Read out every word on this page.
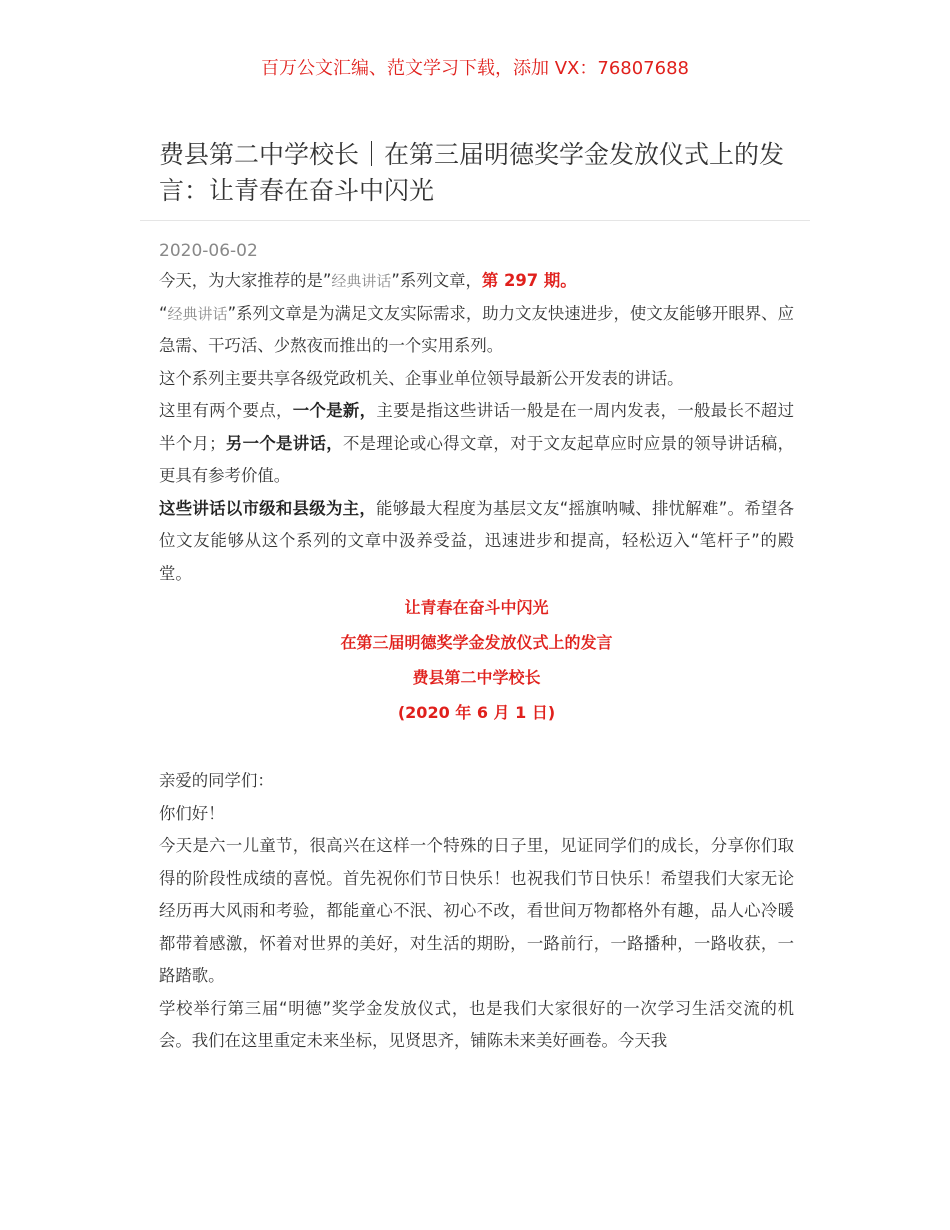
百万公文汇编、范文学习下载，添加 VX：76807688
费县第二中学校长｜在第三届明德奖学金发放仪式上的发言：让青春在奋斗中闪光
2020-06-02

今天，为大家推荐的是”经典讲话”系列文章，第 297 期。

“经典讲话”系列文章是为满足文友实际需求，助力文友快速进步，使文友能够开眼界、应急需、干巧活、少熬夜而推出的一个实用系列。

这个系列主要共享各级党政机关、企事业单位领导最新公开发表的讲话。

这里有两个要点，一个是新，主要是指这些讲话一般是在一周内发表，一般最长不超过半个月；另一个是讲话，不是理论或心得文章，对于文友起草应时应景的领导讲话稿，更具有参考价值。

这些讲话以市级和县级为主，能够最大程度为基层文友“摇旗呐喊、排忧解难”。希望各位文友能够从这个系列的文章中汲养受益，迅速进步和提高，轻松迈入“笔杆子”的殿堂。

让青春在奋斗中闪光

在第三届明德奖学金发放仪式上的发言

费县第二中学校长

(2020 年 6 月 1 日)

亲爱的同学们：

你们好！

今天是六一儿童节，很高兴在这样一个特殊的日子里，见证同学们的成长，分享你们取得的阶段性成绩的喜悦。首先祝你们节日快乐！也祝我们节日快乐！希望我们大家无论经历再大风雨和考验，都能童心不泯、初心不改，看世间万物都格外有趣，品人心冷暖都带着感激，怀着对世界的美好，对生活的期盼，一路前行，一路播种，一路收获，一路踏歌。

学校举行第三届“明德”奖学金发放仪式，也是我们大家很好的一次学习生活交流的机会。我们在这里重定未来坐标，见贤思齐，铺陈未来美好画卷。今天我
